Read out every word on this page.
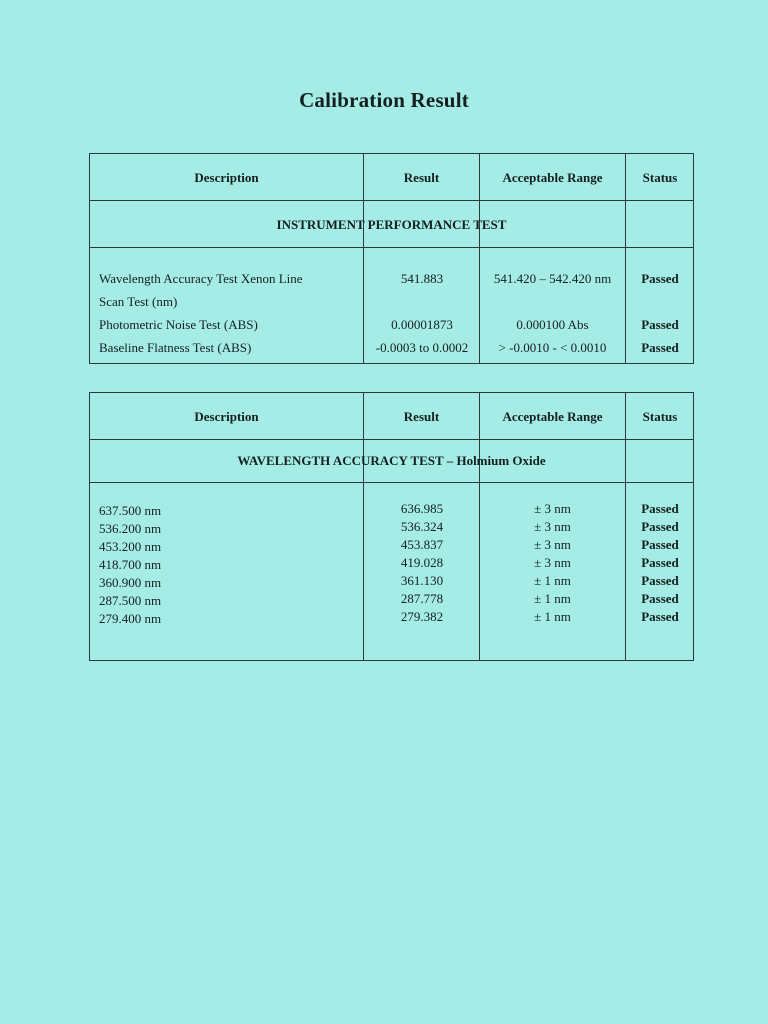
Calibration Result
Description	Result	Acceptable Range	Status
INSTRUMENT PERFORMANCE TEST
Wavelength Accuracy Test Xenon Line
Scan Test (nm)
541.883	541.420 – 542.420 nm	Passed
Photometric Noise Test (ABS)	0.00001873	0.000100 Abs	Passed
Baseline Flatness Test (ABS)	-0.0003 to 0.0002	> -0.0010 - < 0.0010	Passed
Description	Result	Acceptable Range	Status
WAVELENGTH ACCURACY TEST – Holmium Oxide
637.500 nm	636.985	± 3 nm	Passed
536.200 nm	536.324	± 3 nm	Passed
453.200 nm	453.837	± 3 nm	Passed
418.700 nm	419.028	± 3 nm	Passed
360.900 nm	361.130	± 1 nm	Passed
287.500 nm	287.778	± 1 nm	Passed
279.400 nm	279.382	± 1 nm	Passed
